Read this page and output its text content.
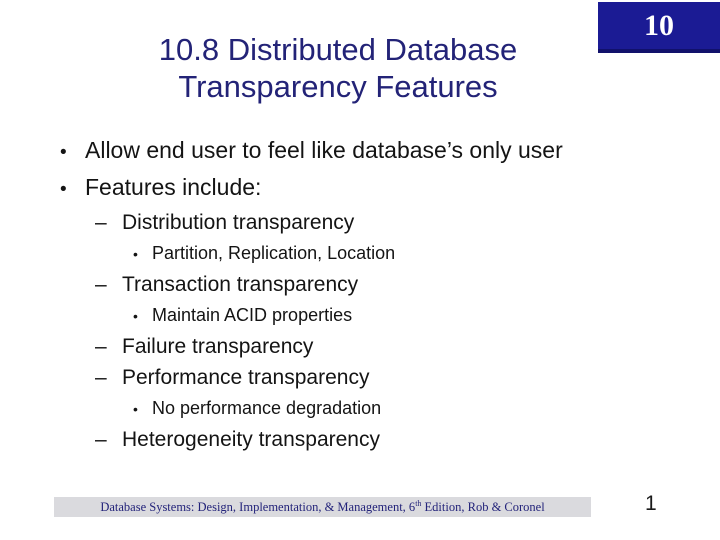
10
10.8 Distributed Database
Transparency Features
• Allow end user to feel like database’s only user
• Features include:
– Distribution transparency
• Partition, Replication, Location
– Transaction transparency
• Maintain ACID properties
– Failure transparency
– Performance transparency
• No performance degradation
– Heterogeneity transparency
Database Systems: Design, Implementation, & Management, 6th Edition, Rob & Coronel	1
